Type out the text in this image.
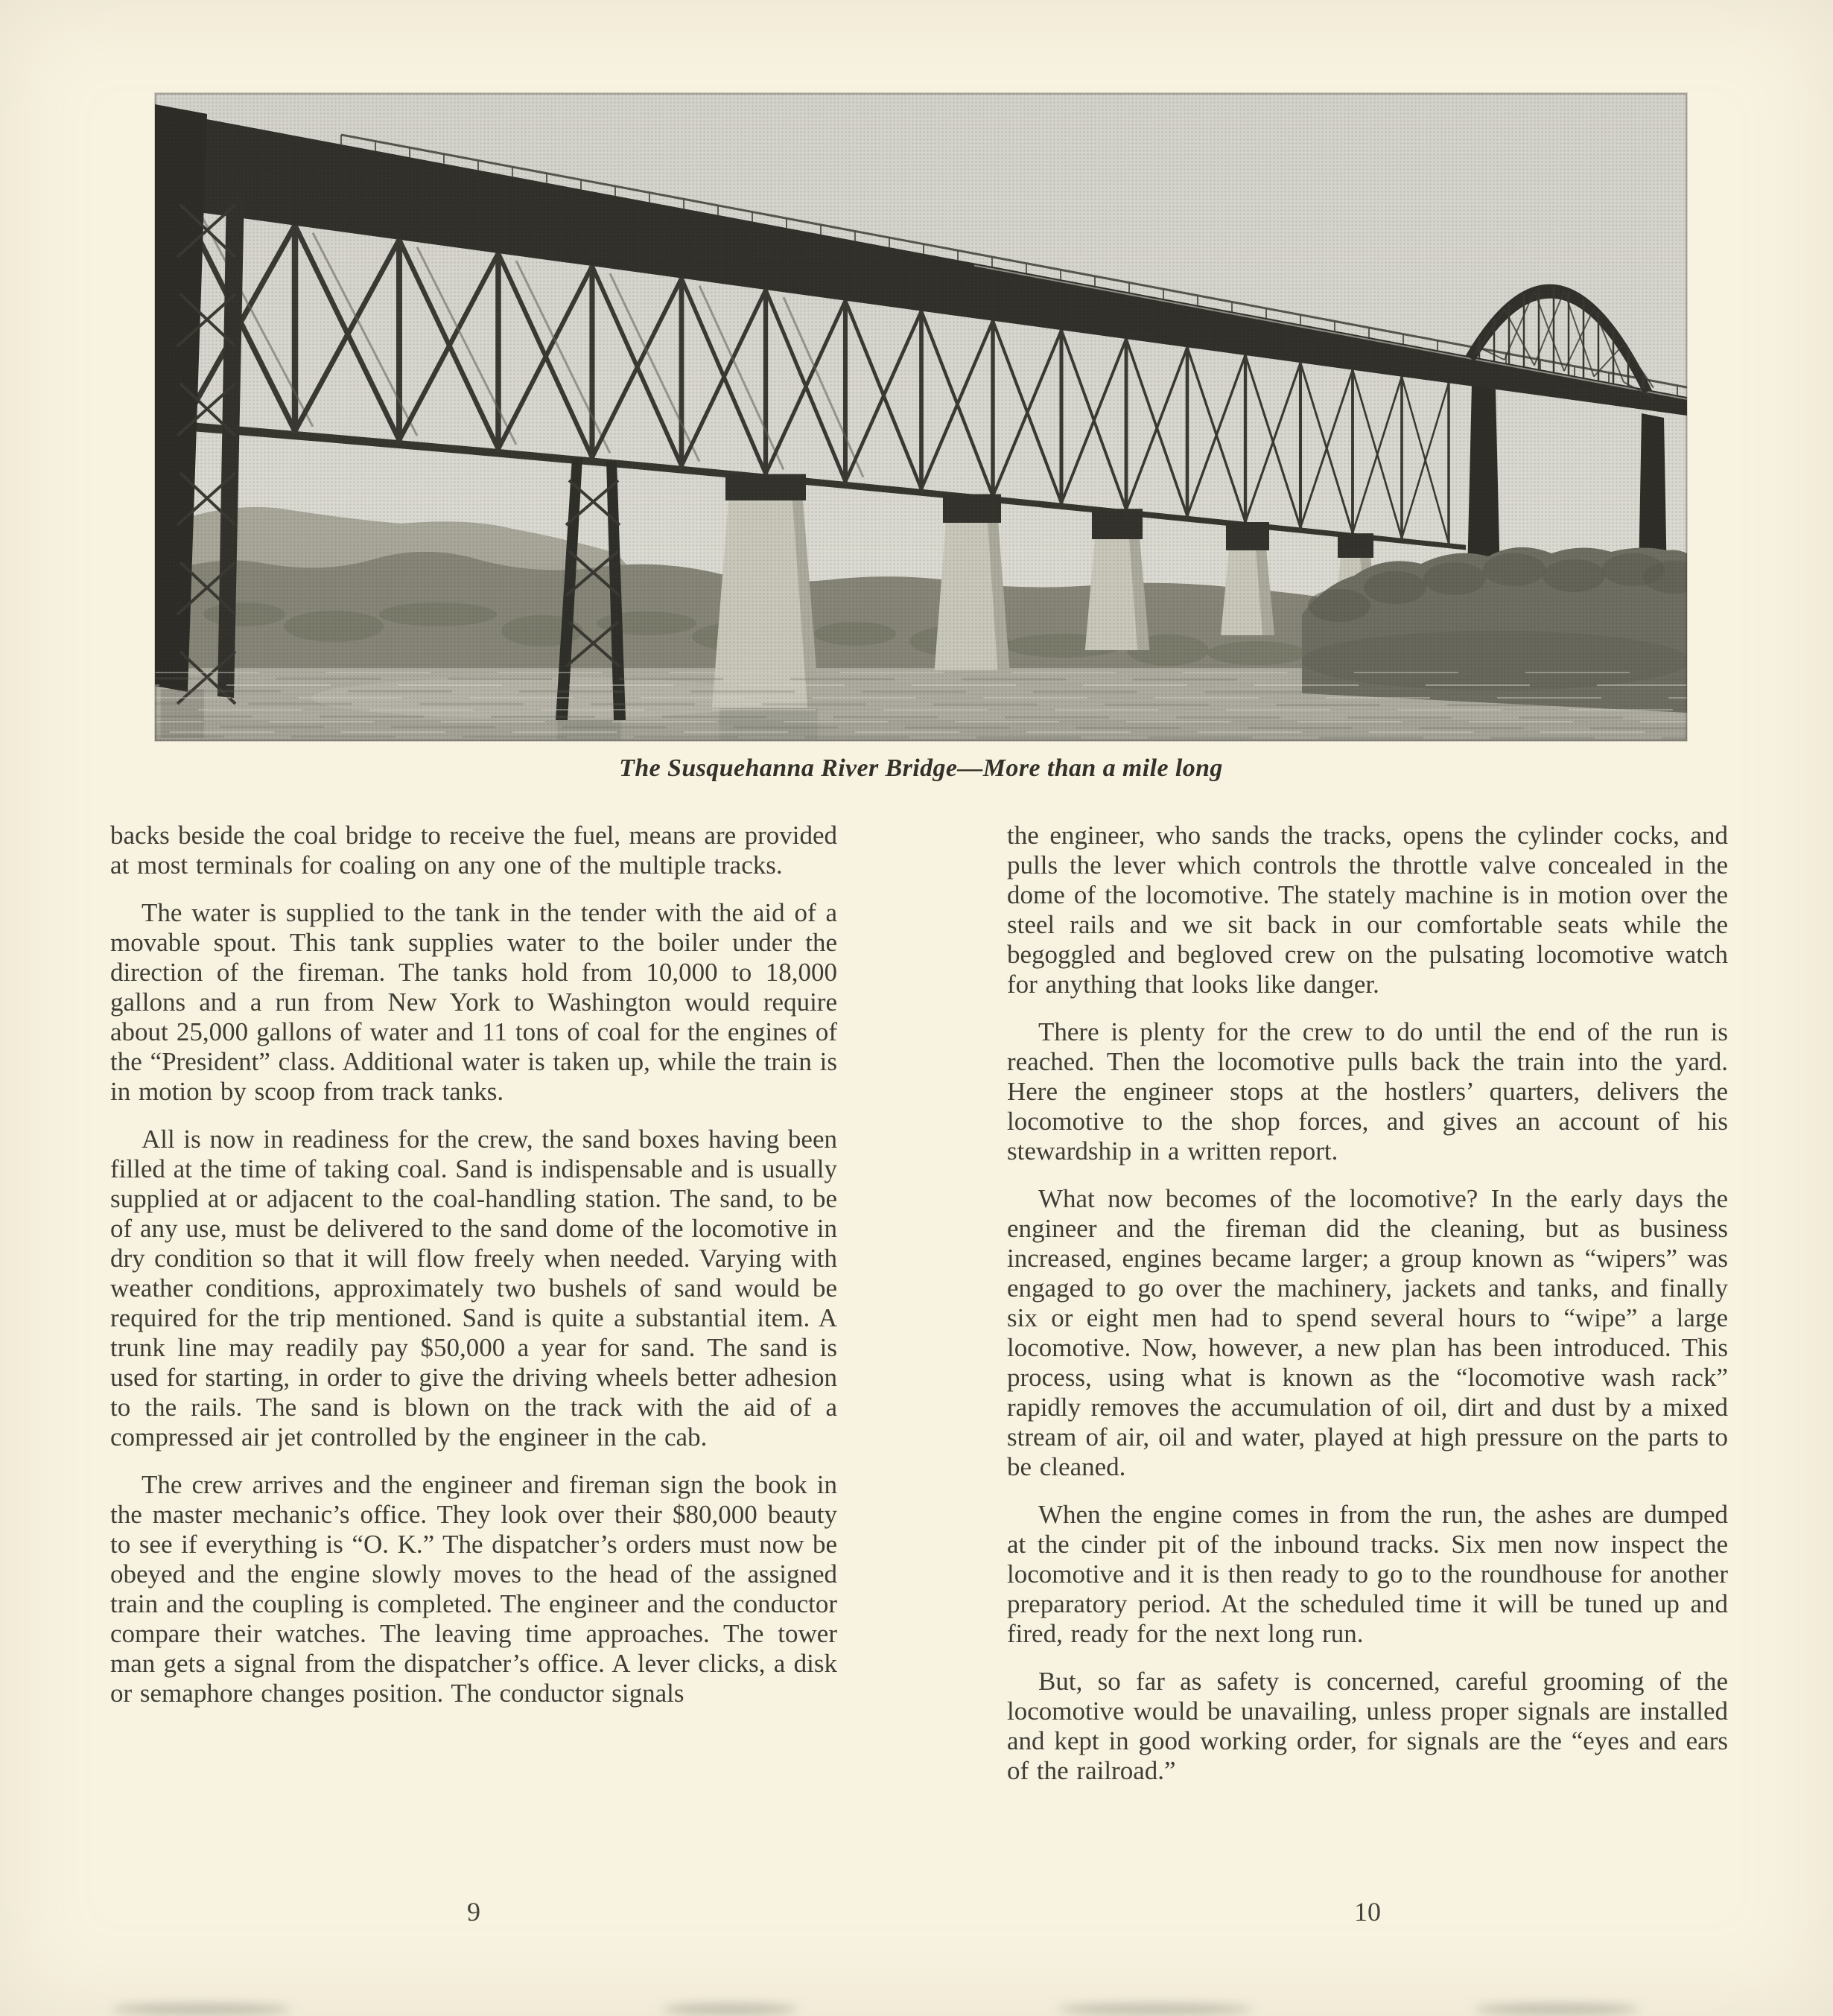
The Susquehanna River Bridge—More than a mile long

backs beside the coal bridge to receive the fuel, means are provided at most terminals for coaling on any one of the multiple tracks.

The water is supplied to the tank in the tender with the aid of a movable spout. This tank supplies water to the boiler under the direction of the fireman. The tanks hold from 10,000 to 18,000 gallons and a run from New York to Washington would require about 25,000 gallons of water and 11 tons of coal for the engines of the “President” class. Additional water is taken up, while the train is in motion by scoop from track tanks.

All is now in readiness for the crew, the sand boxes having been filled at the time of taking coal. Sand is indispensable and is usually supplied at or adjacent to the coal-handling station. The sand, to be of any use, must be delivered to the sand dome of the locomotive in dry condition so that it will flow freely when needed. Varying with weather conditions, approximately two bushels of sand would be required for the trip mentioned. Sand is quite a substantial item. A trunk line may readily pay $50,000 a year for sand. The sand is used for starting, in order to give the driving wheels better adhesion to the rails. The sand is blown on the track with the aid of a compressed air jet controlled by the engineer in the cab.

The crew arrives and the engineer and fireman sign the book in the master mechanic’s office. They look over their $80,000 beauty to see if everything is “O. K.” The dispatcher’s orders must now be obeyed and the engine slowly moves to the head of the assigned train and the coupling is completed. The engineer and the conductor compare their watches. The leaving time approaches. The tower man gets a signal from the dispatcher’s office. A lever clicks, a disk or semaphore changes position. The conductor signals

the engineer, who sands the tracks, opens the cylinder cocks, and pulls the lever which controls the throttle valve concealed in the dome of the locomotive. The stately machine is in motion over the steel rails and we sit back in our comfortable seats while the begoggled and begloved crew on the pulsating locomotive watch for anything that looks like danger.

There is plenty for the crew to do until the end of the run is reached. Then the locomotive pulls back the train into the yard. Here the engineer stops at the hostlers’ quarters, delivers the locomotive to the shop forces, and gives an account of his stewardship in a written report.

What now becomes of the locomotive? In the early days the engineer and the fireman did the cleaning, but as business increased, engines became larger; a group known as “wipers” was engaged to go over the machinery, jackets and tanks, and finally six or eight men had to spend several hours to “wipe” a large locomotive. Now, however, a new plan has been introduced. This process, using what is known as the “locomotive wash rack” rapidly removes the accumulation of oil, dirt and dust by a mixed stream of air, oil and water, played at high pressure on the parts to be cleaned.

When the engine comes in from the run, the ashes are dumped at the cinder pit of the inbound tracks. Six men now inspect the locomotive and it is then ready to go to the roundhouse for another preparatory period. At the scheduled time it will be tuned up and fired, ready for the next long run.

But, so far as safety is concerned, careful grooming of the locomotive would be unavailing, unless proper signals are installed and kept in good working order, for signals are the “eyes and ears of the railroad.”

9	10
